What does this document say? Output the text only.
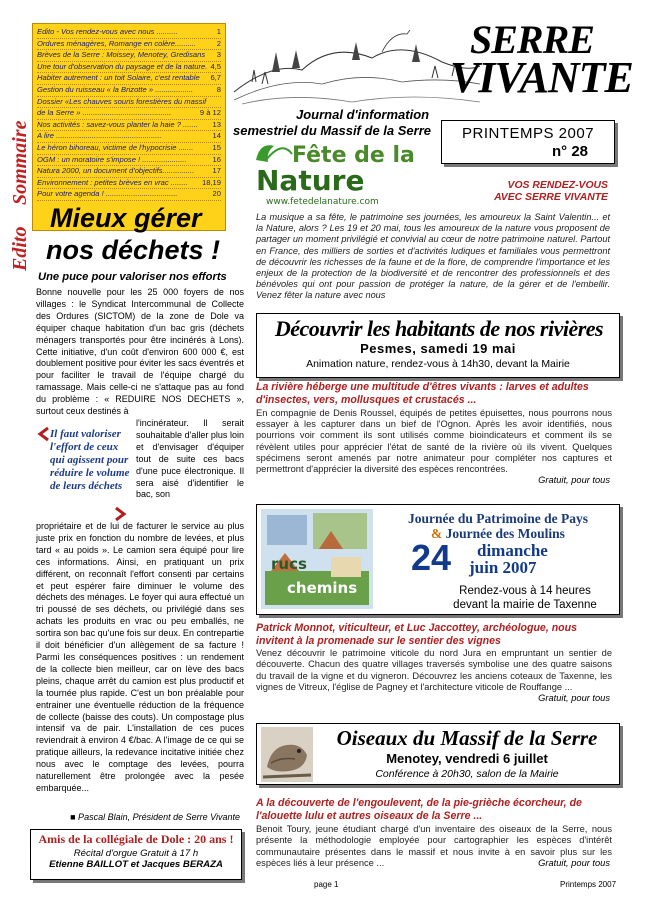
Sommaire
Edito - Vos rendez-vous avec nous ..........	1
Ordures ménagères, Romange en colère..........	2
Brèves de la Serre : Moissey, Menotey, Gredisans 3
Une tour d'observation du paysage et de la nature. 4,5
Habiter autrement : un toit Solaire, c'est rentable 6,7
Gestion du ruisseau « la Brizotte » ..................	8
Dossier «Les chauves souris forestières du massif
de la Serre » ..........................................	9 à 12
Nos activités : savez-vous planter la haie ? ....... 13
A lire ..................................................	14
Le héron bihoreau, victime de l'hypocrisie .......	15
OGM : un moratoire s'impose ! .....................	16
Natura 2000, un document d'objectifs............... 17
Environnement : petites brèves en vrac ........ 18,19
Pour votre agenda ! ..................................	20
SERRE
VIVANTE
Journal d'information
semestriel du Massif de la Serre	PRINTEMPS 2007
n° 28
Fête de la
Nature
www.fetedelanature.com
VOS RENDEZ-VOUS
AVEC SERRE VIVANTE
La musique a sa fête, le patrimoine ses journées, les amoureux la Saint Valentin... et la Nature, alors ? Les 19 et 20 mai, tous les amoureux de la nature vous proposent de partager un moment privilégié et convivial au cœur de notre patrimoine naturel. Partout en France, des milliers de sorties et d'activités ludiques et familiales vous permettront de découvrir les richesses de la faune et de la flore, de comprendre l'importance et les enjeux de la protection de la biodiversité et de rencontrer des professionnels et des bénévoles qui ont pour passion de protéger la nature, de la gérer et de l'embellir. Venez fêter la nature avec nous
Edito
Mieux gérer
nos déchets !
Une puce pour valoriser nos efforts
Bonne nouvelle pour les 25 000 foyers de nos villages : le Syndicat Intercommunal de Collecte des Ordures (SICTOM) de la zone de Dole va équiper chaque habitation d'un bac gris (déchets ménagers transportés pour être incinérés à Lons). Cette initiative, d'un coût d'environ 600 000 €, est doublement positive pour éviter les sacs éventrés et pour faciliter le travail de l'équipe chargé du ramassage. Mais celle-ci ne s'attaque pas au fond du problème : « REDUIRE NOS DECHETS », surtout ceux destinés à
Il faut valoriser l'effort de ceux qui agissent pour réduire le volume de leurs déchets
l'incinérateur. Il serait souhaitable d'aller plus loin et d'envisager d'équiper tout de suite ces bacs d'une puce électronique. Il sera aisé d'identifier le bac, son
propriétaire et de lui de facturer le service au plus juste prix en fonction du nombre de levées, et plus tard « au poids ». Le camion sera équipé pour lire ces informations. Ainsi, en pratiquant un prix différent, on reconnaît l'effort consenti par certains et peut espérer faire diminuer le volume des déchets des ménages. Le foyer qui aura effectué un tri poussé de ses déchets, ou privilégié dans ses achats les produits en vrac ou peu emballés, ne sortira son bac qu'une fois sur deux. En contrepartie il doit bénéficier d'un allègement de sa facture ! Parmi les conséquences positives : un rendement de la collecte bien meilleur, car on lève des bacs pleins, chaque arrêt du camion est plus productif et la tournée plus rapide. C'est un bon préalable pour entrainer une éventuelle réduction de la fréquence de collecte (baisse des couts). Un compostage plus intensif va de pair. L'installation de ces puces reviendrait à environ 4 €/bac. A l'image de ce qui se pratique ailleurs, la redevance incitative initiée chez nous avec le comptage des levées, pourra naturellement être prolongée avec la pesée embarquée...
■ Pascal Blain, Président de Serre Vivante
Amis de la collégiale de Dole : 20 ans !
Récital d'orgue Gratuit à 17 h
Etienne BAILLOT et Jacques BERAZA
Découvrir les habitants de nos rivières
Pesmes, samedi 19 mai
Animation nature, rendez-vous à 14h30, devant la Mairie
La rivière héberge une multitude d'êtres vivants : larves et adultes d'insectes, vers, mollusques et crustacés ...
En compagnie de Denis Roussel, équipés de petites épuisettes, nous pourrons nous essayer à les capturer dans un bief de l'Ognon. Après les avoir identifiés, nous pourrions voir comment ils sont utilisés comme bioindicateurs et comment ils se révèlent utiles pour apprécier l'état de santé de la rivière où ils vivent. Quelques spécimens seront amenés par notre animateur pour compléter nos captures et permettront d'apprécier la diversité des espèces rencontrées.
Gratuit, pour tous
rucs
chemins
Journée du Patrimoine de Pays
& Journée des Moulins
24 dimanche
juin 2007
Rendez-vous à 14 heures
devant la mairie de Taxenne
Patrick Monnot, viticulteur, et Luc Jaccottey, archéologue, nous invitent à la promenade sur le sentier des vignes
Venez découvrir le patrimoine viticole du nord Jura en empruntant un sentier de découverte. Chacun des quatre villages traversés symbolise une des quatre saisons du travail de la vigne et du vigneron. Découvrez les anciens coteaux de Taxenne, les vignes de Vitreux, l'église de Pagney et l'architecture viticole de Rouffange ...
Gratuit, pour tous
Oiseaux du Massif de la Serre
Menotey, vendredi 6 juillet
Conférence à 20h30, salon de la Mairie
A la découverte de l'engoulevent, de la pie-grièche écorcheur, de l'alouette lulu et autres oiseaux de la Serre ...
Benoit Toury, jeune étudiant chargé d'un inventaire des oiseaux de la Serre, nous présente la méthodologie employée pour cartographier les espèces d'intérêt communautaire présentes dans le massif et nous invite à en savoir plus sur les espèces liés à leur présence ...	Gratuit, pour tous
page 1	Printemps 2007
